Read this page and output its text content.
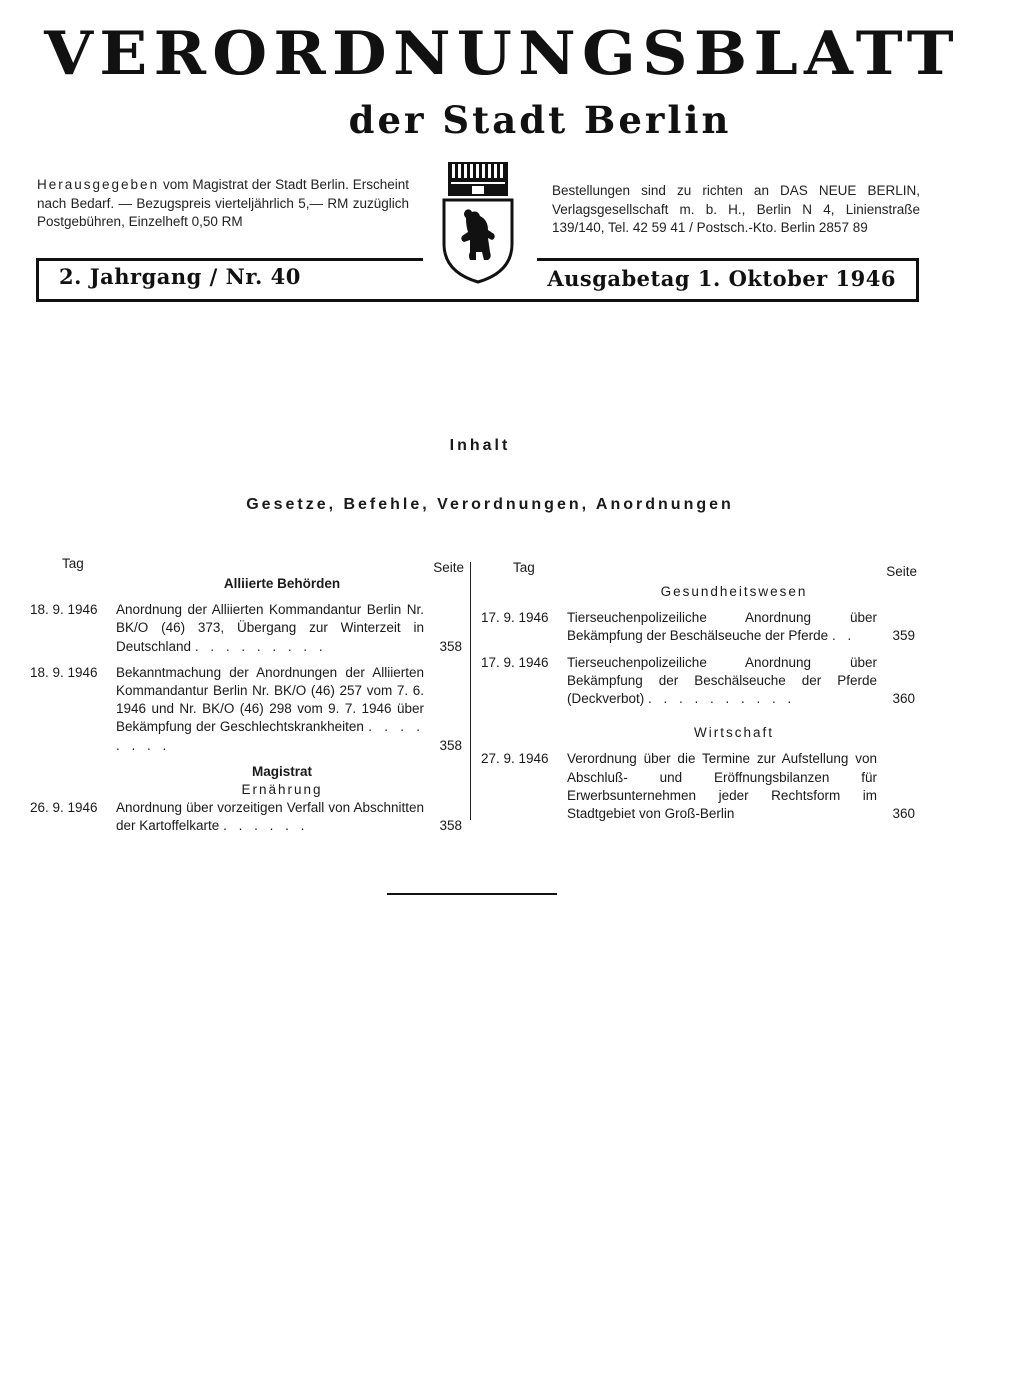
VERORDNUNGSBLATT
der Stadt Berlin
Herausgegeben vom Magistrat der Stadt Berlin. Erscheint nach Bedarf. — Bezugspreis vierteljährlich 5,— RM zuzüglich Postgebühren, Einzelheft 0,50 RM
Bestellungen sind zu richten an DAS NEUE BERLIN, Verlagsgesellschaft m. b. H., Berlin N 4, Linienstraße 139/140, Tel. 42 59 41 / Postsch.-Kto. Berlin 2857 89
2. Jahrgang / Nr. 40	Ausgabetag 1. Oktober 1946
Inhalt
Gesetze, Befehle, Verordnungen, Anordnungen
Tag	Seite
Alliierte Behörden
18. 9. 1946 Anordnung der Alliierten Kommandantur Berlin Nr. BK/O (46) 373, Übergang zur Winterzeit in Deutschland . . . . . . . . .	358
18. 9. 1946 Bekanntmachung der Anordnungen der Alliierten Kommandantur Berlin Nr. BK/O (46) 257 vom 7. 6. 1946 und Nr. BK/O (46) 298 vom 9. 7. 1946 über Bekämpfung der Geschlechtskrankheiten . . . . . . . .	358
Magistrat
Ernährung
26. 9. 1946 Anordnung über vorzeitigen Verfall von Abschnitten der Kartoffelkarte . . . . . .	358
Tag	Seite
Gesundheitswesen
17. 9. 1946 Tierseuchenpolizeiliche Anordnung über Bekämpfung der Beschälseuche der Pferde . .	359
17. 9. 1946 Tierseuchenpolizeiliche Anordnung über Bekämpfung der Beschälseuche der Pferde (Deckverbot) . . . . . . . . . .	360
Wirtschaft
27. 9. 1946 Verordnung über die Termine zur Aufstellung von Abschluß- und Eröffnungsbilanzen für Erwerbsunternehmen jeder Rechtsform im Stadtgebiet von Groß-Berlin	360
